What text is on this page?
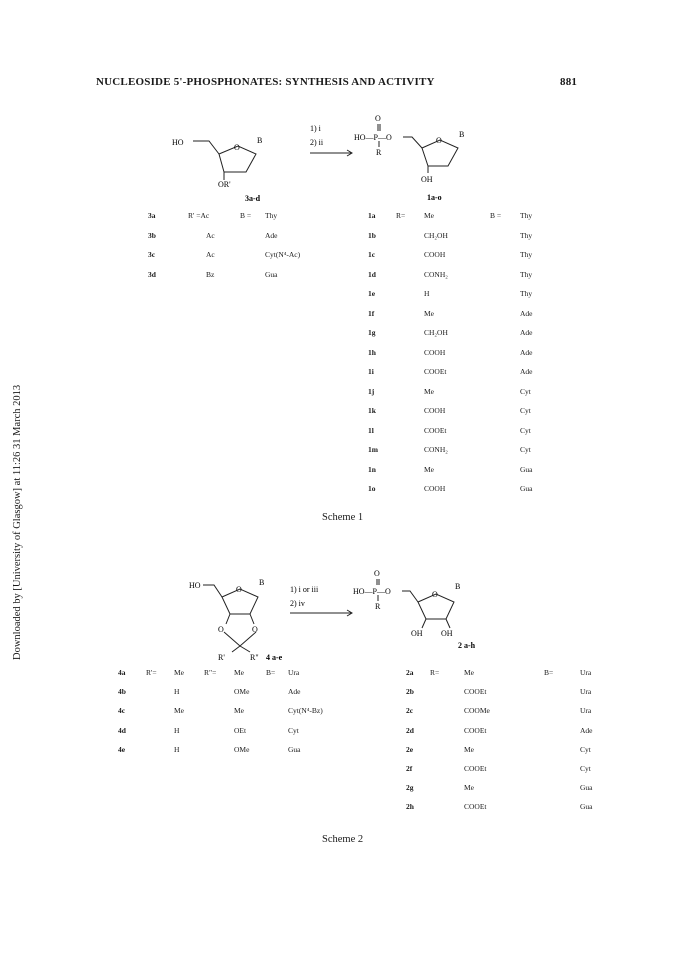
NUCLEOSIDE 5'-PHOSPHONATES: SYNTHESIS AND ACTIVITY	881
Downloaded by [University of Glasgow] at 11:26 31 March 2013
HO
O
B
OR'
3a-d
1) i
2) ii
O
HO—P—O
R
O
B
OH
1a-o
3a	R' =Ac	B =	Thy
3b	Ac		Ade
3c	Ac		Cyt(N⁴-Ac)
3d	Bz		Gua
1a	R=	Me	B =	Thy
1b		CH₂OH		Thy
1c		COOH		Thy
1d		CONH₂		Thy
1e		H		Thy
1f		Me		Ade
1g		CH₂OH		Ade
1h		COOH		Ade
1i		COOEt		Ade
1j		Me		Cyt
1k		COOH		Cyt
1l		COOEt		Cyt
1m		CONH₂		Cyt
1n		Me		Gua
1o		COOH		Gua
Scheme 1
HO	O
B
O	O
R'	R" 4 a-e
1) i or iii
2) iv
O
HO—P—O
R
O
B
OH OH
2 a-h
4a	R'=	Me	R"=	Me	B=	Ura
4b		H		OMe		Ade
4c		Me		Me		Cyt(N⁴-Bz)
4d		H		OEt		Cyt
4e		H		OMe		Gua
2a	R=	Me	B=	Ura
2b		COOEt		Ura
2c		COOMe		Ura
2d		COOEt		Ade
2e		Me		Cyt
2f		COOEt		Cyt
2g		Me		Gua
2h		COOEt		Gua
Scheme 2
